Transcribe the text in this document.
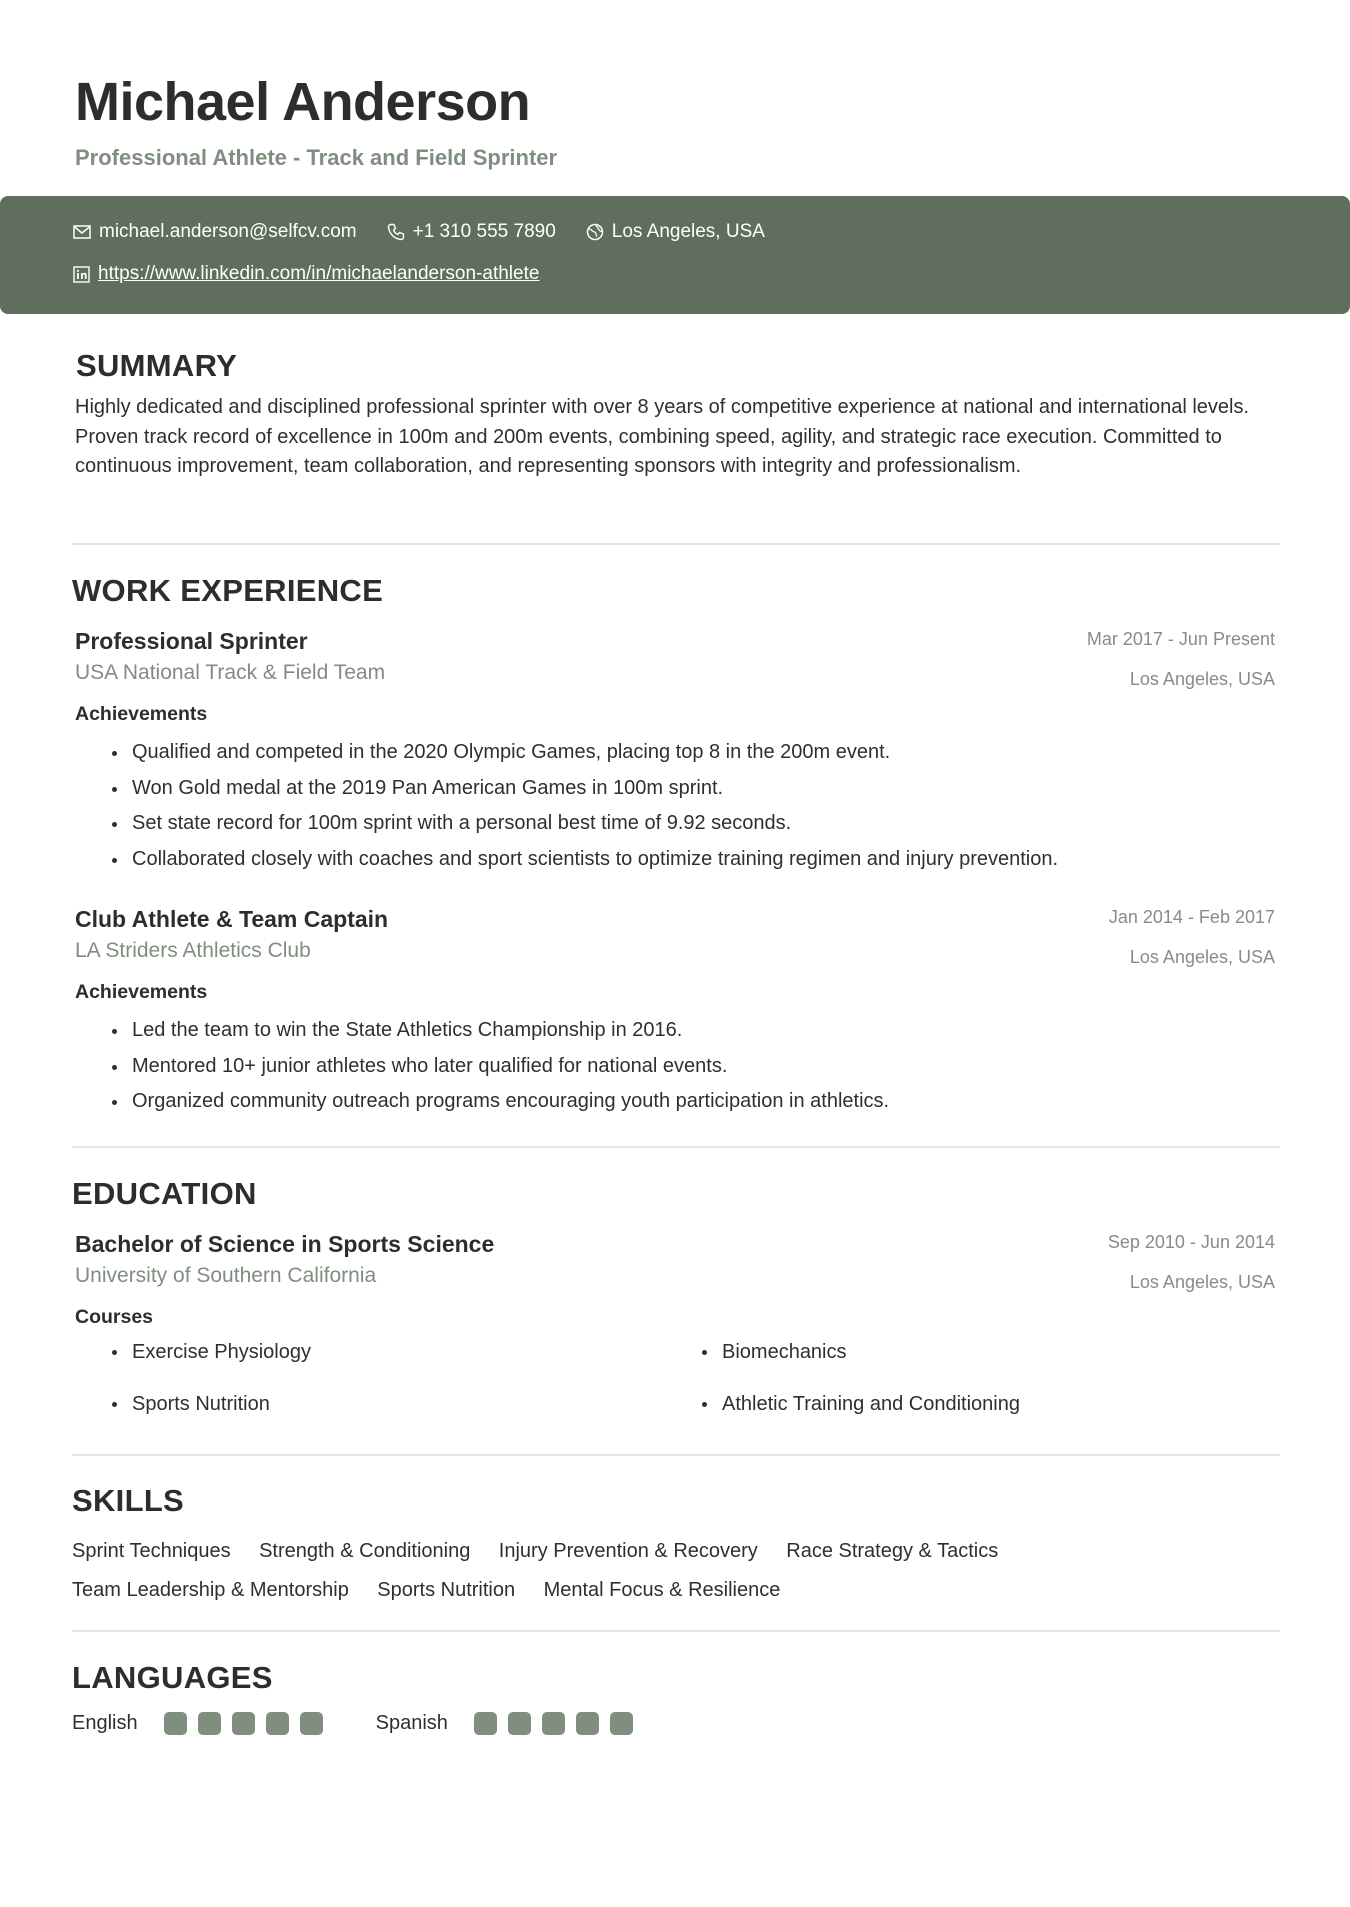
Michael Anderson
Professional Athlete - Track and Field Sprinter
michael.anderson@selfcv.com	+1 310 555 7890	Los Angeles, USA
https://www.linkedin.com/in/michaelanderson-athlete
SUMMARY
Highly dedicated and disciplined professional sprinter with over 8 years of competitive experience at national and international levels. Proven track record of excellence in 100m and 200m events, combining speed, agility, and strategic race execution. Committed to continuous improvement, team collaboration, and representing sponsors with integrity and professionalism.
WORK EXPERIENCE
Professional Sprinter
USA National Track & Field Team
Mar 2017 - Jun Present
Los Angeles, USA
Achievements
Qualified and competed in the 2020 Olympic Games, placing top 8 in the 200m event.
Won Gold medal at the 2019 Pan American Games in 100m sprint.
Set state record for 100m sprint with a personal best time of 9.92 seconds.
Collaborated closely with coaches and sport scientists to optimize training regimen and injury prevention.
Club Athlete & Team Captain
LA Striders Athletics Club
Jan 2014 - Feb 2017
Los Angeles, USA
Achievements
Led the team to win the State Athletics Championship in 2016.
Mentored 10+ junior athletes who later qualified for national events.
Organized community outreach programs encouraging youth participation in athletics.
EDUCATION
Bachelor of Science in Sports Science
University of Southern California
Sep 2010 - Jun 2014
Los Angeles, USA
Courses
Exercise Physiology	Biomechanics
Sports Nutrition	Athletic Training and Conditioning
SKILLS
Sprint Techniques Strength & Conditioning Injury Prevention & Recovery Race Strategy & Tactics
Team Leadership & Mentorship Sports Nutrition Mental Focus & Resilience
LANGUAGES
English	Spanish
